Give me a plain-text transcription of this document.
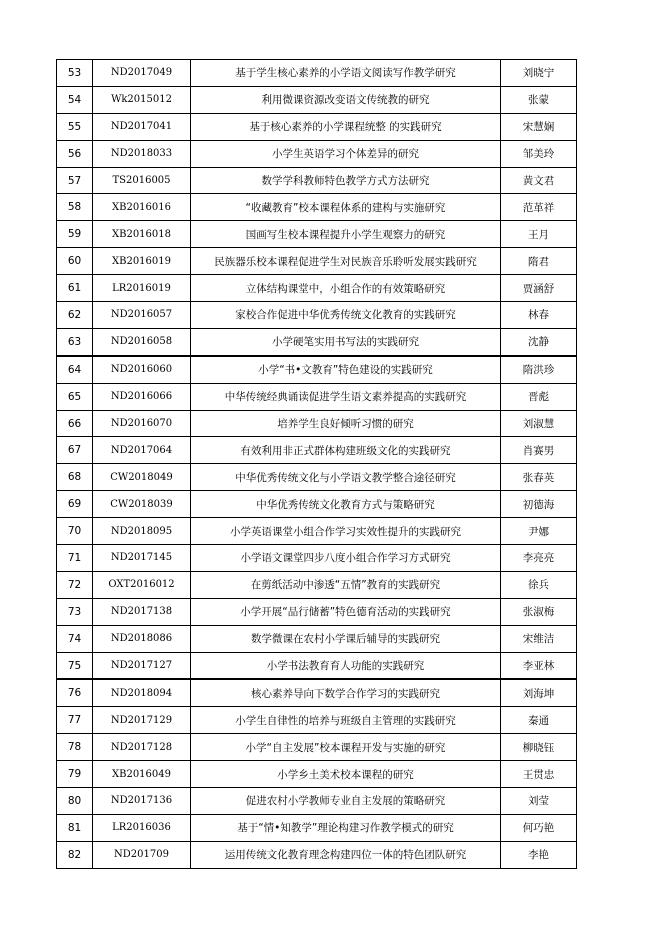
53	ND2017049	基于学生核心素养的小学语文阅读写作教学研究	刘晓宁
54	Wk2015012	利用微课资源改变语文传统教的研究	张蒙
55	ND2017041	基于核心素养的小学课程统整 的实践研究	宋慧娴
56	ND2018033	小学生英语学习个体差异的研究	邹美玲
57	TS2016005	数学学科教师特色教学方式方法研究	黄文君
58	XB2016016	“收藏教育”校本课程体系的建构与实施研究	范革祥
59	XB2016018	国画写生校本课程提升小学生观察力的研究	王月
60	XB2016019	民族器乐校本课程促进学生对民族音乐聆听发展实践研究	隋君
61	LR2016019	立体结构课堂中，小组合作的有效策略研究	贾涵舒
62	ND2016057	家校合作促进中华优秀传统文化教育的实践研究	林春
63	ND2016058	小学硬笔实用书写法的实践研究	沈静
64	ND2016060	小学“书•文教育”特色建设的实践研究	隋洪珍
65	ND2016066	中华传统经典诵读促进学生语文素养提高的实践研究	晋彪
66	ND2016070	培养学生良好倾听习惯的研究	刘淑慧
67	ND2017064	有效利用非正式群体构建班级文化的实践研究	肖赛男
68	CW2018049	中华优秀传统文化与小学语文教学整合途径研究	张春英
69	CW2018039	中华优秀传统文化教育方式与策略研究	初德海
70	ND2018095	小学英语课堂小组合作学习实效性提升的实践研究	尹娜
71	ND2017145	小学语文课堂四步八度小组合作学习方式研究	李亮亮
72	OXT2016012	在剪纸活动中渗透“五情”教育的实践研究	徐兵
73	ND2017138	小学开展“品行储蓄”特色德育活动的实践研究	张淑梅
74	ND2018086	数学微课在农村小学课后辅导的实践研究	宋维洁
75	ND2017127	小学书法教育育人功能的实践研究	李亚林
76	ND2018094	核心素养导向下数学合作学习的实践研究	刘海坤
77	ND2017129	小学生自律性的培养与班级自主管理的实践研究	秦通
78	ND2017128	小学“自主发展”校本课程开发与实施的研究	柳晓钰
79	XB2016049	小学乡土美术校本课程的研究	王贯忠
80	ND2017136	促进农村小学教师专业自主发展的策略研究	刘莹
81	LR2016036	基于“情•知教学”理论构建习作教学模式的研究	何巧艳
82	ND201709	运用传统文化教育理念构建四位一体的特色团队研究	李艳
